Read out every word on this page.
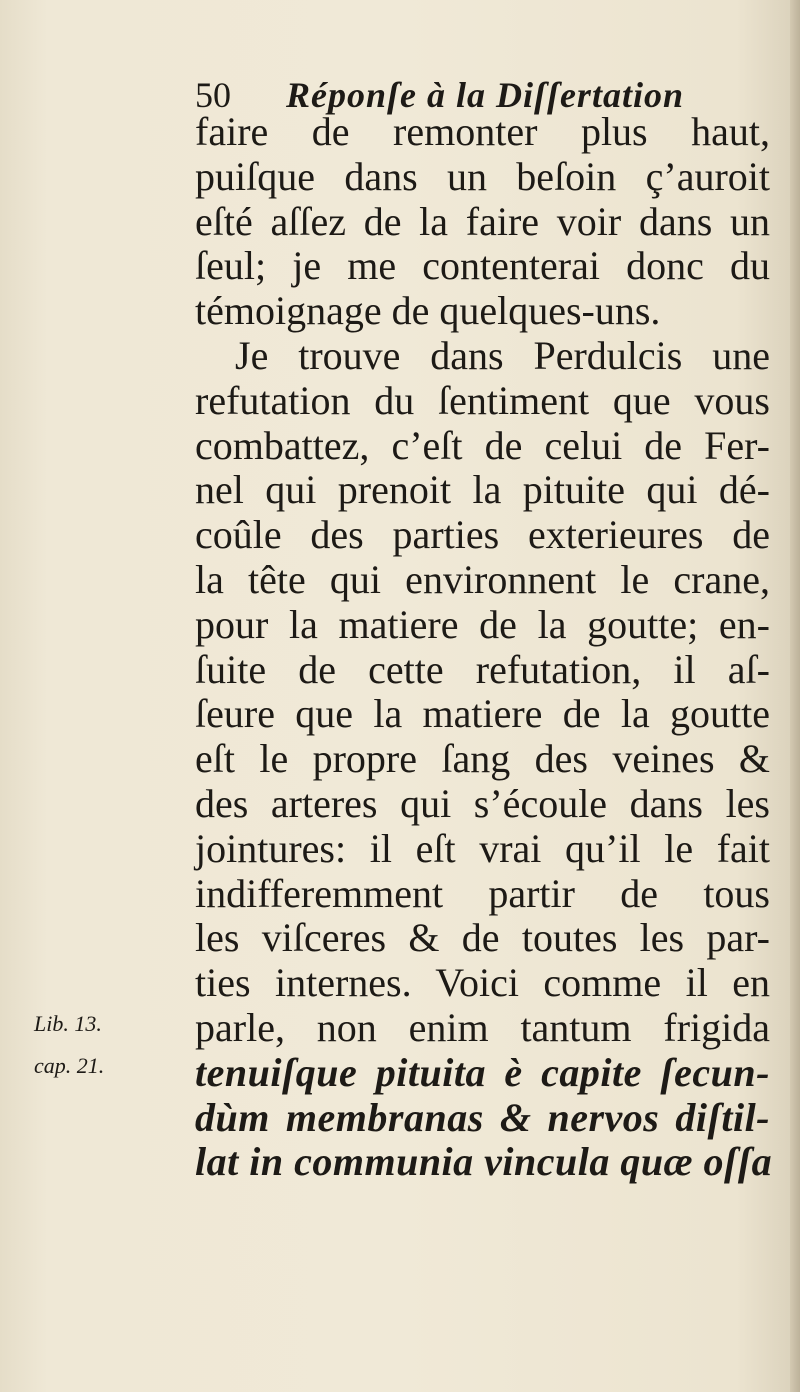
50 Réponſe à la Diſſertation
Lib. 13.
cap. 21.
faire de remonter plus haut,
puiſque dans un beſoin ç’auroit
eſté aſſez de la faire voir dans un
ſeul; je me contenterai donc du
témoignage de quelques-uns.
Je trouve dans Perdulcis une
refutation du ſentiment que vous
combattez, c’eſt de celui de Fer-
nel qui prenoit la pituite qui dé-
coûle des parties exterieures de
la tête qui environnent le crane,
pour la matiere de la goutte; en-
ſuite de cette refutation, il aſ-
ſeure que la matiere de la goutte
eſt le propre ſang des veines &
des arteres qui s’écoule dans les
jointures: il eſt vrai qu’il le fait
indifferemment partir de tous
les viſceres & de toutes les par-
ties internes. Voici comme il en
parle, non enim tantum frigida
tenuiſque pituita è capite ſecun-
dùm membranas & nervos diſtil-
lat in communia vincula quæ oſſa
